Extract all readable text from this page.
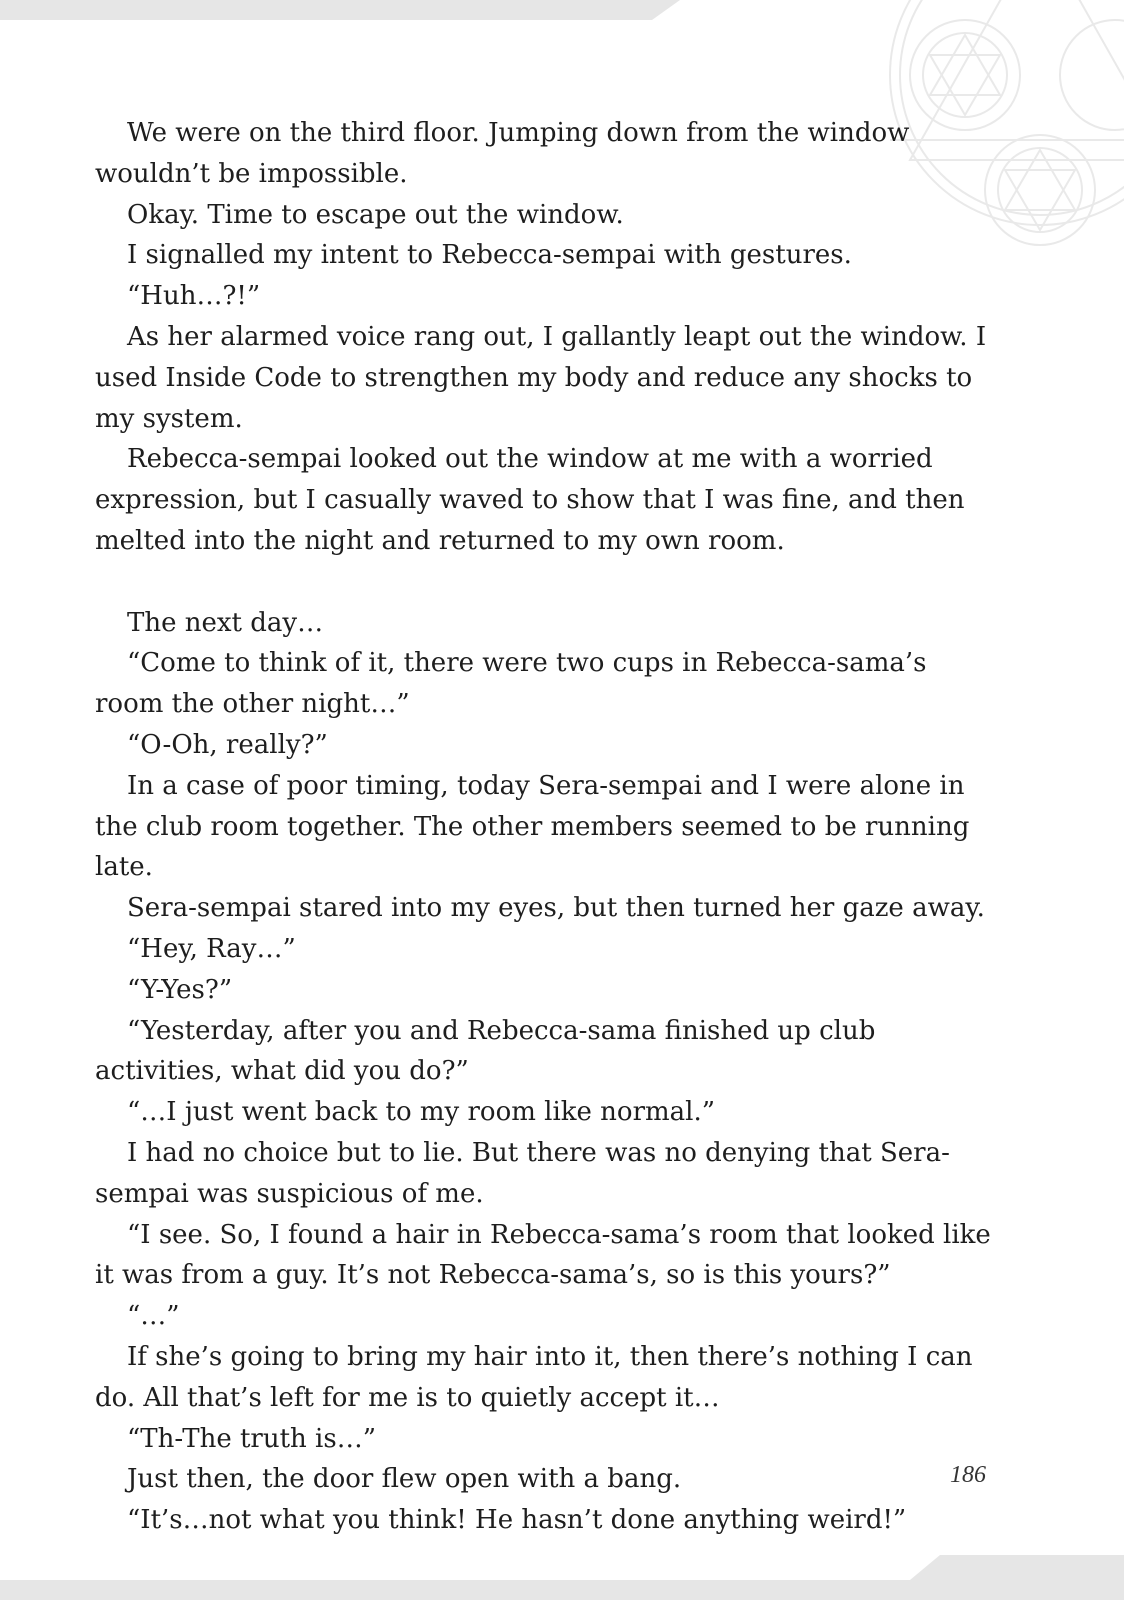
We were on the third floor. Jumping down from the window wouldn’t be impossible.

Okay. Time to escape out the window.

I signalled my intent to Rebecca-sempai with gestures.

“Huh…?!”

As her alarmed voice rang out, I gallantly leapt out the window. I used Inside Code to strengthen my body and reduce any shocks to my system.

Rebecca-sempai looked out the window at me with a worried expression, but I casually waved to show that I was fine, and then melted into the night and returned to my own room.

The next day…

“Come to think of it, there were two cups in Rebecca-sama’s room the other night…”

“O-Oh, really?”

In a case of poor timing, today Sera-sempai and I were alone in the club room together. The other members seemed to be running late.

Sera-sempai stared into my eyes, but then turned her gaze away.

“Hey, Ray…”

“Y-Yes?”

“Yesterday, after you and Rebecca-sama finished up club activities, what did you do?”

“…I just went back to my room like normal.”

I had no choice but to lie. But there was no denying that Sera-sempai was suspicious of me.

“I see. So, I found a hair in Rebecca-sama’s room that looked like it was from a guy. It’s not Rebecca-sama’s, so is this yours?”

“…”

If she’s going to bring my hair into it, then there’s nothing I can do. All that’s left for me is to quietly accept it…

“Th-The truth is…”

Just then, the door flew open with a bang.

“It’s…not what you think! He hasn’t done anything weird!”

186
